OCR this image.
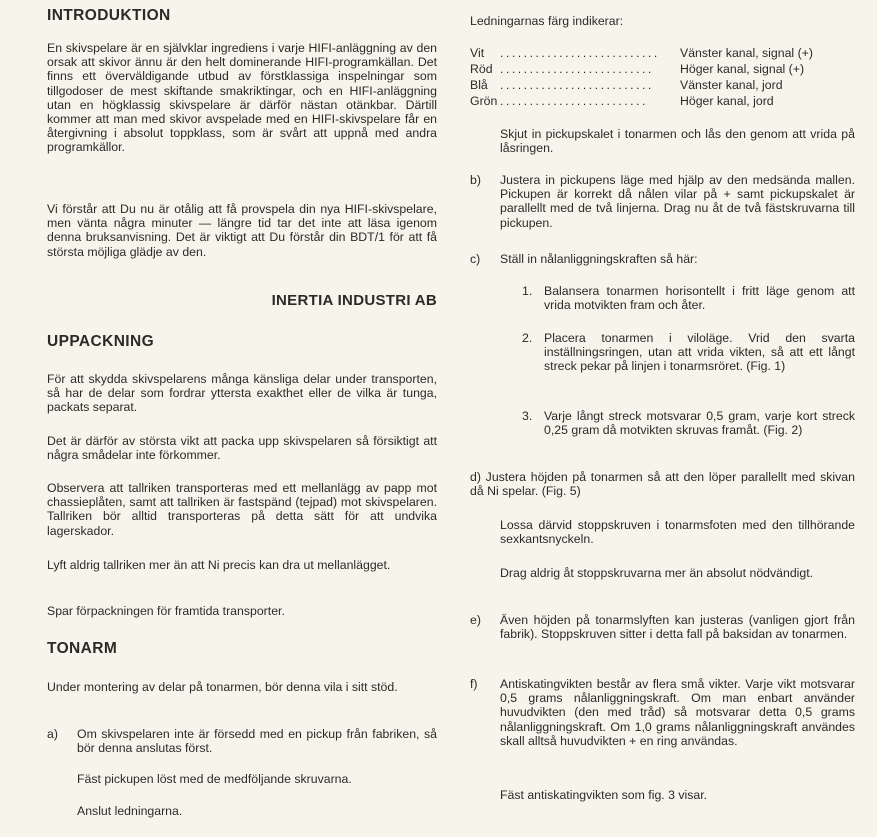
INTRODUKTION

En skivspelare är en självklar ingrediens i varje HIFI-anläggning av den orsak att skivor ännu är den helt dominerande HIFI-programkällan. Det finns ett överväldigande utbud av förstklassiga inspelningar som tillgodoser de mest skiftande smakriktingar, och en HIFI-anläggning utan en högklassig skivspelare är därför nästan otänkbar. Därtill kommer att man med skivor avspelade med en HIFI-skivspelare får en återgivning i absolut toppklass, som är svårt att uppnå med andra programkällor.

Vi förstår att Du nu är otålig att få provspela din nya HIFI-skivspelare, men vänta några minuter — längre tid tar det inte att läsa igenom denna bruksanvisning. Det är viktigt att Du förstår din BDT/1 för att få största möjliga glädje av den.

INERTIA INDUSTRI AB
UPPACKNING

För att skydda skivspelarens många känsliga delar under transporten, så har de delar som fordrar yttersta exakthet eller de vilka är tunga, packats separat.

Det är därför av största vikt att packa upp skivspelaren så försiktigt att några smådelar inte förkommer.

Observera att tallriken transporteras med ett mellanlägg av papp mot chassieplåten, samt att tallriken är fastspänd (tejpad) mot skivspelaren. Tallriken bör alltid transporteras på detta sätt för att undvika lagerskador.

Lyft aldrig tallriken mer än att Ni precis kan dra ut mellanlägget.

Spar förpackningen för framtida transporter.

TONARM

Under montering av delar på tonarmen, bör denna vila i sitt stöd.

a) Om skivspelaren inte är försedd med en pickup från fabriken, så bör denna anslutas först.

Fäst pickupen löst med de medföljande skruvarna.

Anslut ledningarna.

Ledningarnas färg indikerar:

Vit ........................... Vänster kanal, signal (+)
Röd .......................... Höger kanal, signal (+)
Blå .......................... Vänster kanal, jord
Grön .........................	Höger kanal, jord

Skjut in pickupskalet i tonarmen och lås den genom att vrida på låsringen.

b) Justera in pickupens läge med hjälp av den medsända mallen. Pickupen är korrekt då nålen vilar på + samt pickupskalet är parallellt med de två linjerna. Drag nu åt de två fästskruvarna till pickupen.

c) Ställ in nålanliggningskraften så här:

1. Balansera tonarmen horisontellt i fritt läge genom att vrida motvikten fram och åter.

2. Placera tonarmen i viloläge. Vrid den svarta inställningsringen, utan att vrida vikten, så att ett långt streck pekar på linjen i tonarmsröret. (Fig. 1)

3. Varje långt streck motsvarar 0,5 gram, varje kort streck 0,25 gram då motvikten skruvas framåt. (Fig. 2)

d) Justera höjden på tonarmen så att den löper parallellt med skivan då Ni spelar. (Fig. 5)

Lossa därvid stoppskruven i tonarmsfoten med den tillhörande sexkantsnyckeln.

Drag aldrig åt stoppskruvarna mer än absolut nödvändigt.

e) Även höjden på tonarmslyften kan justeras (vanligen gjort från fabrik). Stoppskruven sitter i detta fall på baksidan av tonarmen.

f) Antiskatingvikten består av flera små vikter. Varje vikt motsvarar 0,5 grams nålanliggningskraft. Om man enbart använder huvudvikten (den med tråd) så motsvarar detta 0,5 grams nålanliggningskraft. Om 1,0 grams nålanliggningskraft användes skall alltså huvudvikten + en ring användas.

Fäst antiskatingvikten som fig. 3 visar.
